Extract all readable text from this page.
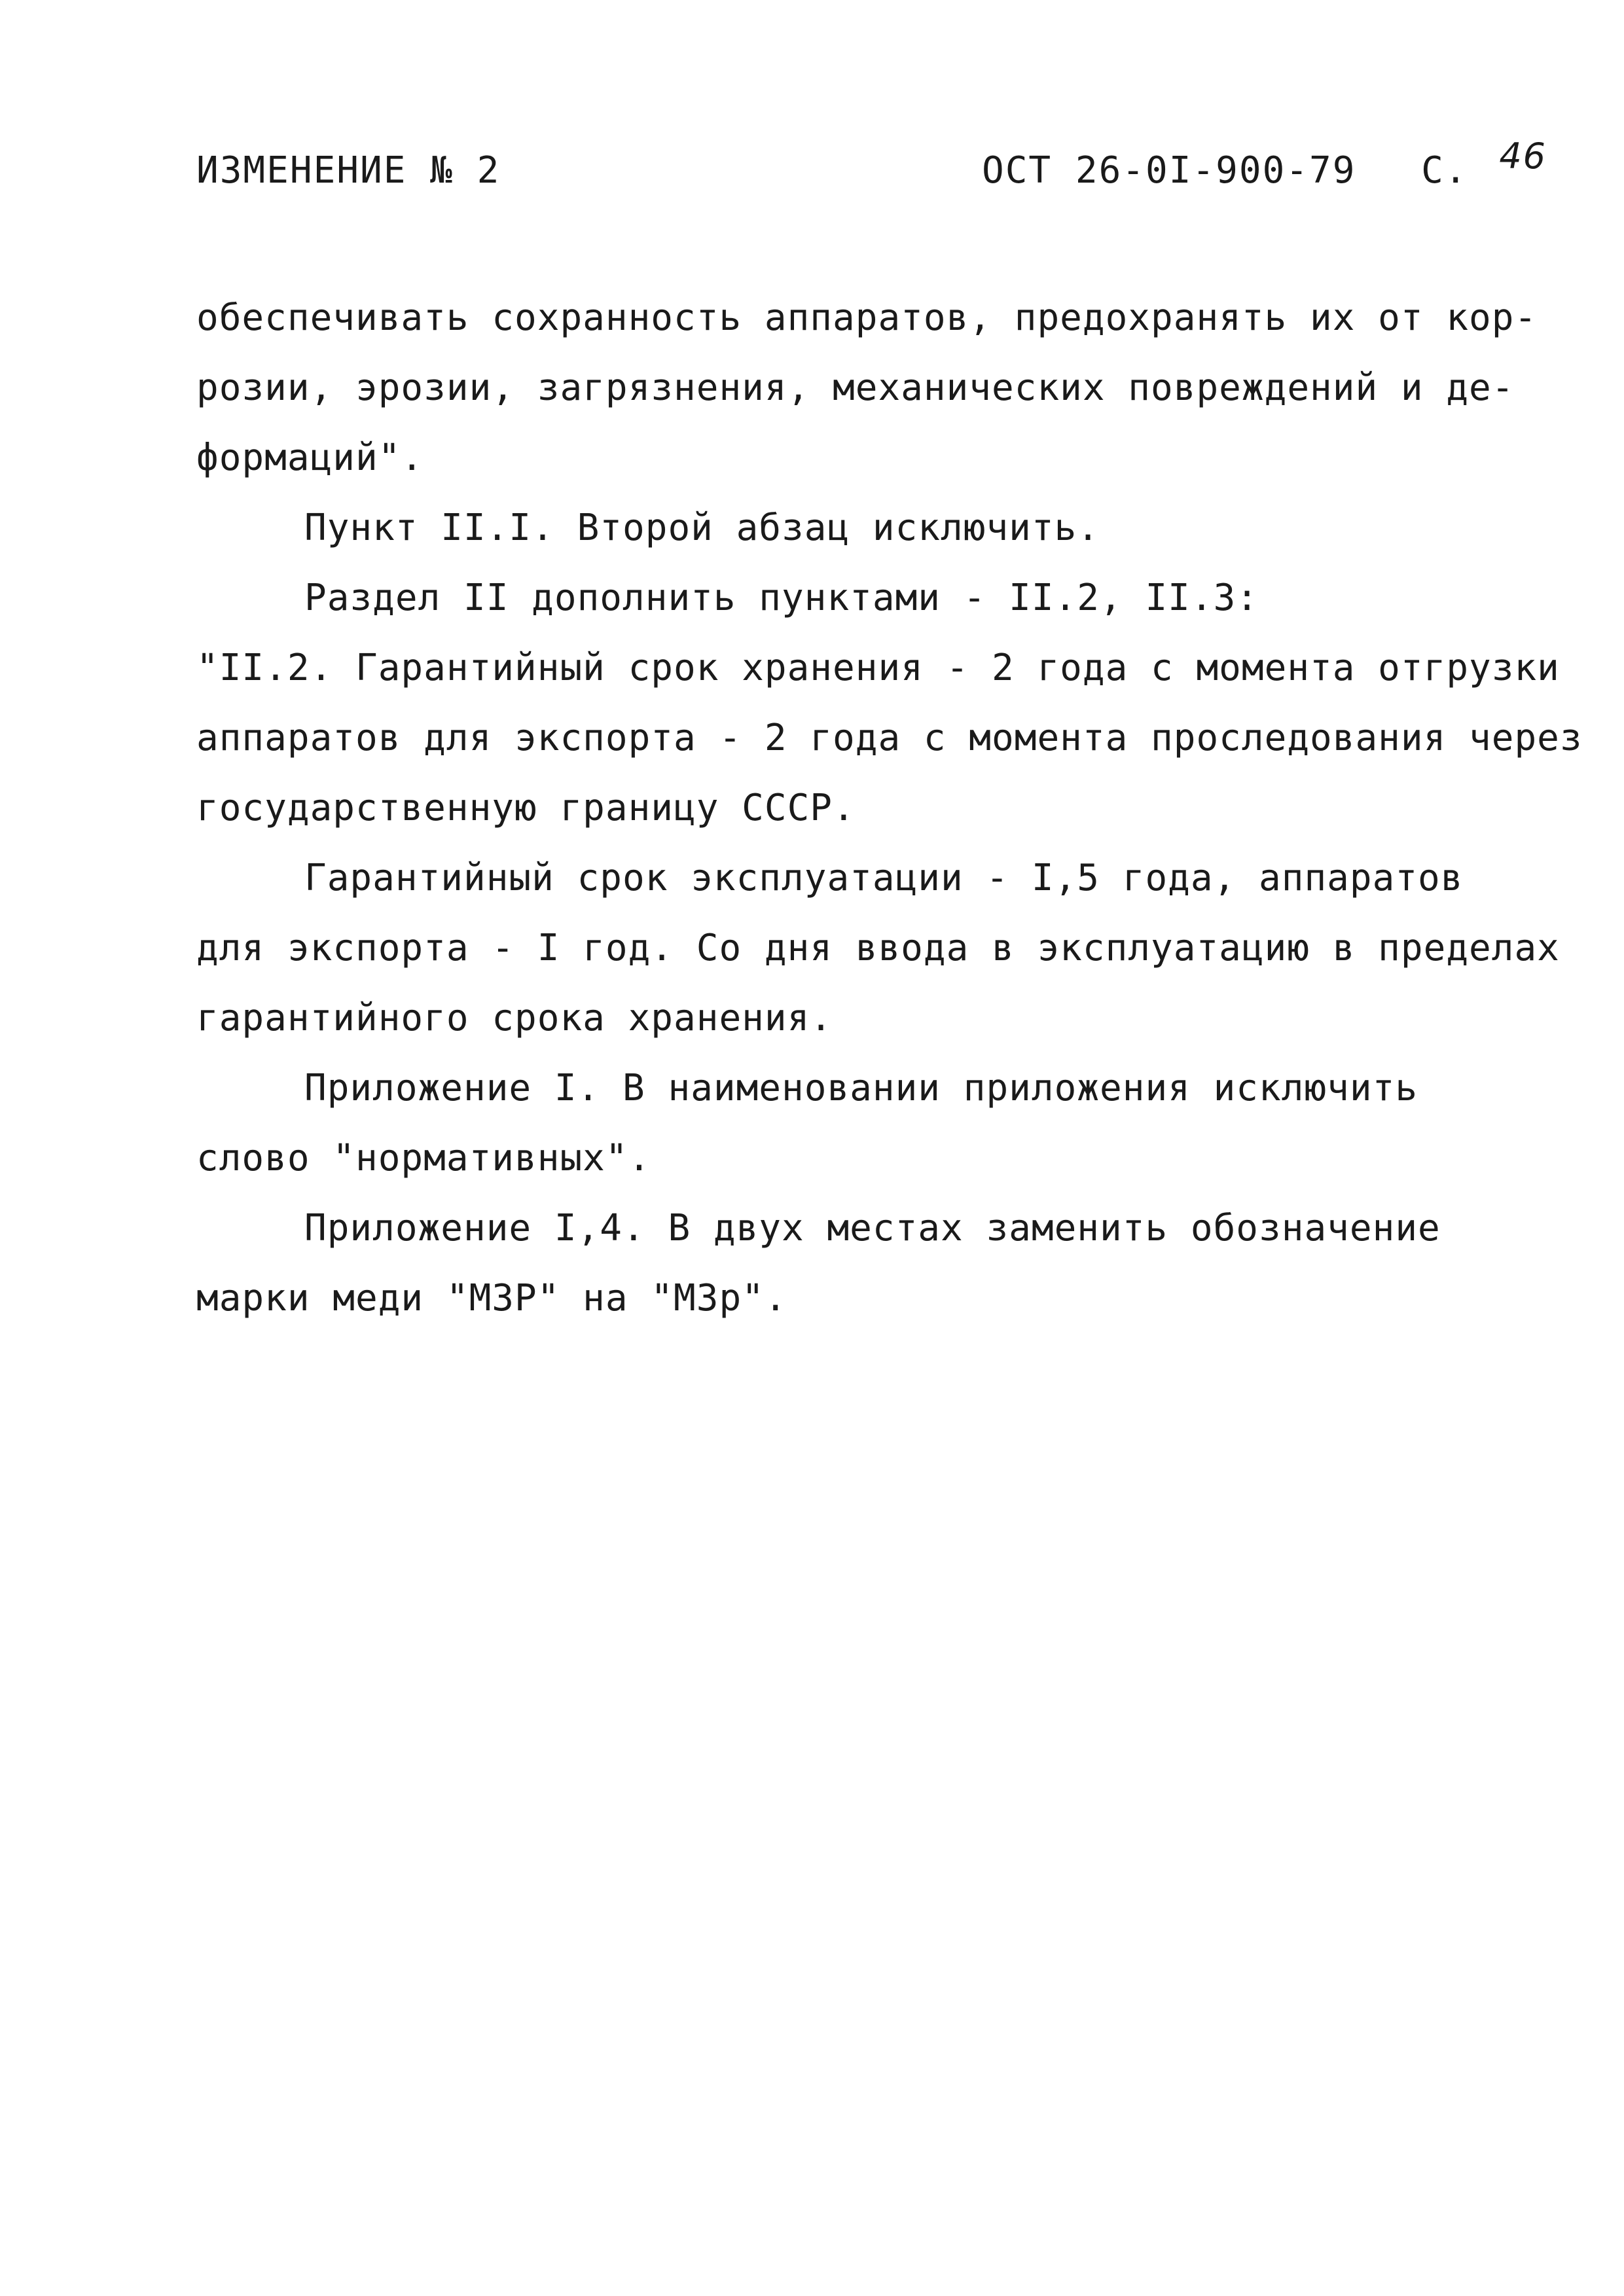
ИЗМЕНЕНИЕ № 2	ОСТ 26-0I-900-79 С. 46
обеспечивать сохранность аппаратов, предохранять их от кор-
розии, эрозии, загрязнения, механических повреждений и де-
формаций".
Пункт II.I. Второй абзац исключить.
Раздел II дополнить пунктами - II.2, II.3:
"II.2. Гарантийный срок хранения - 2 года с момента отгрузки
аппаратов для экспорта - 2 года с момента проследования через
государственную границу СССР.
Гарантийный срок эксплуатации - I,5 года, аппаратов
для экспорта - I год. Со дня ввода в эксплуатацию в пределах
гарантийного срока хранения.
Приложение I. В наименовании приложения исключить
слово "нормативных".
Приложение I,4. В двух местах заменить обозначение
марки меди "МЗР" на "МЗр".
